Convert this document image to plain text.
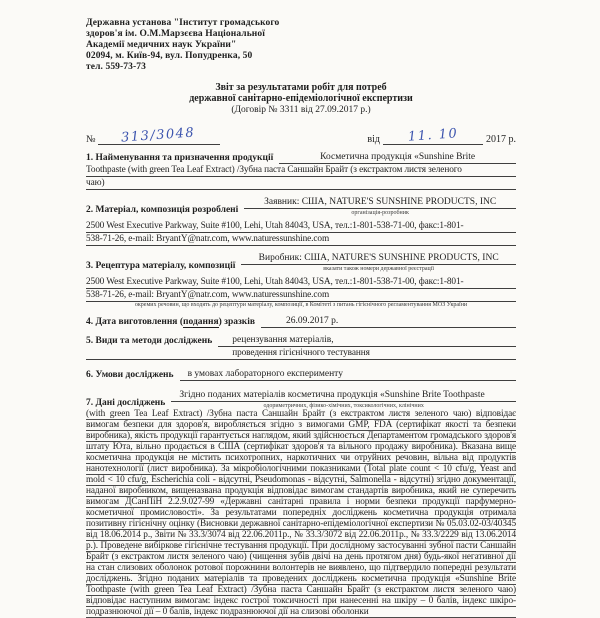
Державна установа "Інститут громадського
здоров'я ім. О.М.Марзєєва Національної
Академії медичних наук України"
02094, м. Київ-94, вул. Попудренка, 50
тел. 559-73-73
Звіт за результатами робіт для потреб
державної санітарно-епідеміологічної експертизи
(Договір № 3311 від 27.09.2017 р.)
№	313/3048	від	11. 10	2017 р.
1. Найменування та призначення продукції	Косметична продукція «Sunshine Brite
Toothpaste (with green Tea Leaf Extract) /Зубна паста Саншайн Брайт (з екстрактом листя зеленого
чаю)
2. Матеріал, композиція розроблені
Заявник: США, NATURE'S SUNSHINE PRODUCTS, INC
організація-розробник
2500 West Executive Parkway, Suite #100, Lehi, Utah 84043, USA, тел.:1-801-538-71-00, факс:1-801-
538-71-26, e-mail: BryantY@natr.com, www.naturessunshine.com
3. Рецептура матеріалу, композиції
Виробник: США, NATURE'S SUNSHINE PRODUCTS, INC
вказати також номери державної реєстрації
2500 West Executive Parkway, Suite #100, Lehi, Utah 84043, USA, тел.:1-801-538-71-00, факс:1-801-
538-71-26, e-mail: BryantY@natr.com, www.naturessunshine.com
окремих речовин, що входять до рецептури матеріалу, композиції, в Комітеті з питань гігієнічного регламентування МОЗ України
4. Дата виготовлення (подання) зразків	26.09.2017 р.
5. Види та методи досліджень	рецензування матеріалів,
проведення гігієнічного тестування
6. Умови досліджень	в умовах лабораторного експерименту
7. Дані досліджень
Згідно поданих матеріалів косметична продукція «Sunshine Brite Toothpaste
одориметричних, фізико-хімічних, токсикологічних, клінічних
(with green Tea Leaf Extract) /Зубна паста Саншайн Брайт (з екстрактом листя зеленого чаю) відповідає вимогам безпеки для здоров'я, виробляється згідно з вимогами GMP, FDA (сертифікат якості та безпеки виробника), якість продукції гарантується наглядом, який здійснюється Департаментом громадського здоров'я штату Юта, вільно продається в США (сертифікат здоров'я та вільного продажу виробника). Вказана вище косметична продукція не містить психотропних, наркотичних чи отруйних речовин, вільна від продуктів нанотехнології (лист виробника). За мікробіологічними показниками (Total plate count < 10 cfu/g, Yeast and mold < 10 cfu/g, Escherichia coli - відсутні, Pseudomonas - відсутні, Salmonella - відсутні) згідно документації, наданої виробником, вищеназвана продукція відповідає вимогам стандартів виробника, який не суперечить вимогам ДСанПіН 2.2.9.027-99 «Державні санітарні правила і норми безпеки продукції парфумерно-косметичної промисловості». За результатами попередніх досліджень косметична продукція отримала позитивну гігієнічну оцінку (Висновки державної санітарно-епідеміологічної експертизи № 05.03.02-03/40345 від 18.06.2014 р., Звіти № 33.3/3074 від 22.06.2011р., № 33.3/3072 від 22.06.2011р., № 33.3/2229 від 13.06.2014 р.). Проведене вибіркове гігієнічне тестування продукції. При дослідному застосуванні зубної пасти Саншайн Брайт (з екстрактом листя зеленого чаю) (чищення зубів двічі на день протягом дня) будь-якої негативної дії на стан слизових оболонок ротової порожнини волонтерів не виявлено, що підтвердило попередні результати досліджень. Згідно поданих матеріалів та проведених досліджень косметична продукція «Sunshine Brite Toothpaste (with green Tea Leaf Extract) /Зубна паста Саншайн Брайт (з екстрактом листя зеленого чаю) відповідає наступним вимогам: індекс гострої токсичності при нанесенні на шкіру – 0 балів, індекс шкіро-подразнюючої дії – 0 балів, індекс подразнюючої дії на слизові оболонки
